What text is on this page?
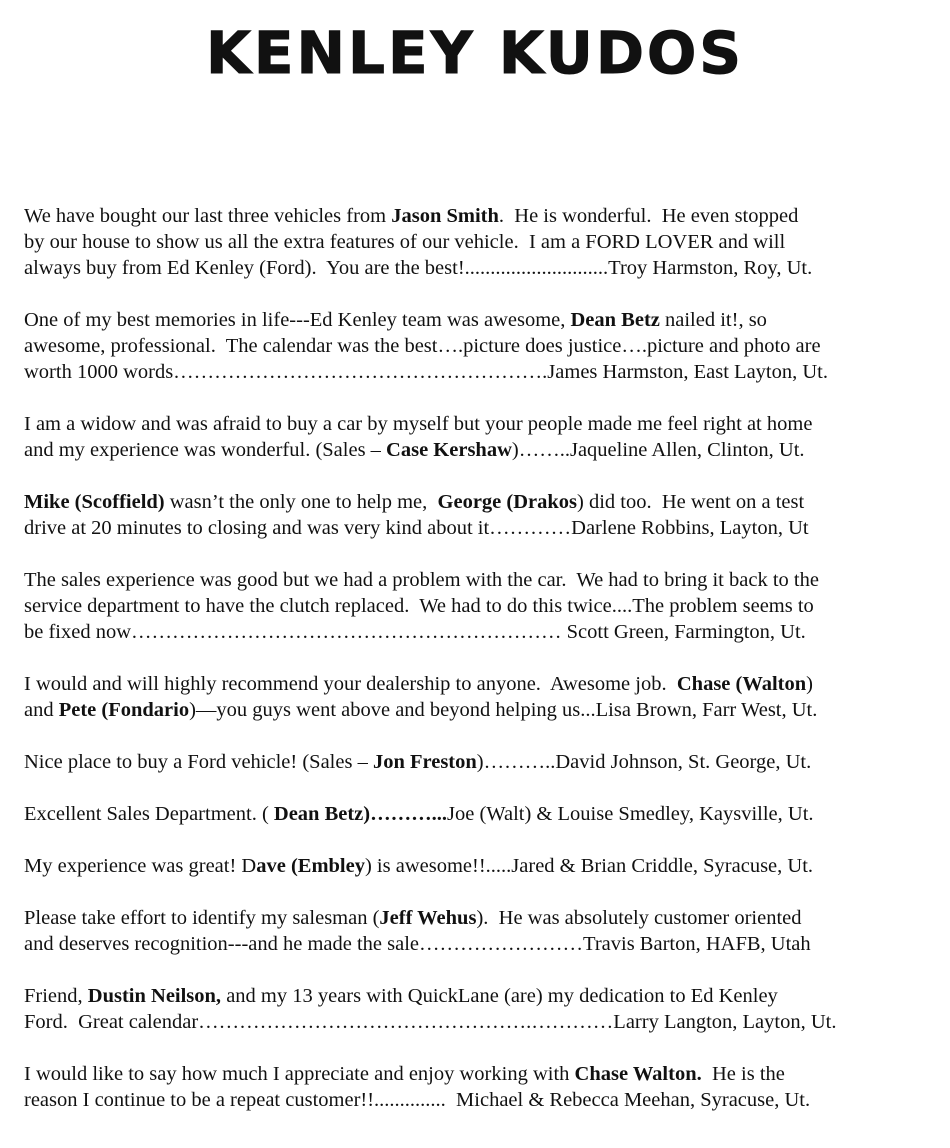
KENLEY KUDOS
We have bought our last three vehicles from Jason Smith.  He is wonderful.  He even stopped
by our house to show us all the extra features of our vehicle.  I am a FORD LOVER and will
always buy from Ed Kenley (Ford).  You are the best!............................Troy Harmston, Roy, Ut.
One of my best memories in life---Ed Kenley team was awesome, Dean Betz nailed it!, so
awesome, professional.  The calendar was the best….picture does justice….picture and photo are
worth 1000 words……………………………………………….James Harmston, East Layton, Ut.
I am a widow and was afraid to buy a car by myself but your people made me feel right at home
and my experience was wonderful. (Sales – Case Kershaw)……..Jaqueline Allen, Clinton, Ut.
Mike (Scoffield) wasn’t the only one to help me,  George (Drakos) did too.  He went on a test
drive at 20 minutes to closing and was very kind about it…………Darlene Robbins, Layton, Ut
The sales experience was good but we had a problem with the car.  We had to bring it back to the
service department to have the clutch replaced.  We had to do this twice....The problem seems to
be fixed now……………………………………………………… Scott Green, Farmington, Ut.
I would and will highly recommend your dealership to anyone.  Awesome job.  Chase (Walton)
and Pete (Fondario)—you guys went above and beyond helping us...Lisa Brown, Farr West, Ut.
Nice place to buy a Ford vehicle! (Sales – Jon Freston)………..David Johnson, St. George, Ut.
Excellent Sales Department. ( Dean Betz)………...Joe (Walt) & Louise Smedley, Kaysville, Ut.
My experience was great! Dave (Embley) is awesome!!.....Jared & Brian Criddle, Syracuse, Ut.
Please take effort to identify my salesman (Jeff Wehus).  He was absolutely customer oriented
and deserves recognition---and he made the sale……………………Travis Barton, HAFB, Utah
Friend, Dustin Neilson, and my 13 years with QuickLane (are) my dedication to Ed Kenley
Ford.  Great calendar………………………………………….…………Larry Langton, Layton, Ut.
I would like to say how much I appreciate and enjoy working with Chase Walton.  He is the
reason I continue to be a repeat customer!!..............  Michael & Rebecca Meehan, Syracuse, Ut.
